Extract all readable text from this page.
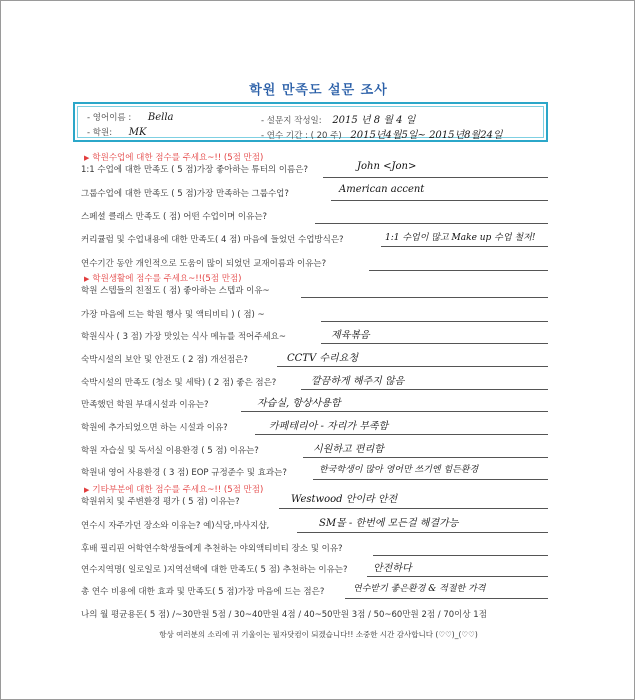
학원 만족도 설문 조사
- 영어이름 : Bella	- 설문지 작성일: 2015 년 8 월 4 일
- 학원: MK	- 연수 기간 : ( 20 주) 2015년4월5일~ 2015년8월24일
▶ 학원수업에 대한 점수를 주세요~!! (5점 만점)
1:1 수업에 대한 만족도 ( 5 점)가장 좋아하는 튜터의 이름은?	John <Jon>
그룹수업에 대한 만족도 ( 5 점)가장 만족하는 그룹수업?	American accent
스페셜 클래스 만족도 ( 점) 어떤 수업이며 이유는?
커리큘럼 및 수업내용에 대한 만족도( 4 점) 마음에 들었던 수업방식은?	1:1 수업이 많고 Make up 수업 철저!
연수기간 동안 개인적으로 도움이 많이 되었던 교재이름과 이유는?
▶ 학원생활에 점수를 주세요~!!(5점 만점)
학원 스텝들의 친절도 ( 점) 좋아하는 스텝과 이유~
가장 마음에 드는 학원 행사 및 액티비티 ) ( 점) ~
학원식사 ( 3 점) 가장 맛있는 식사 메뉴를 적어주세요~	제육볶음
숙박시설의 보안 및 안전도 ( 2 점) 개선점은?	CCTV 수리요청
숙박시설의 만족도 (청소 및 세탁) ( 2 점) 좋은 점은?	깔끔하게 해주지 않음
만족했던 학원 부대시설과 이유는?	자습실, 항상사용함
학원에 추가되었으면 하는 시설과 이유?	카페테리아 - 자리가 부족함
학원 자습실 및 독서실 이용환경 ( 5 점) 이유는?	시원하고 편리함
학원내 영어 사용환경 ( 3 점) EOP 규정준수 및 효과는?	한국학생이 많아 영어만 쓰기엔 힘든환경
▶ 기타부분에 대한 점수를 주세요~!! (5점 만점)
학원위치 및 주변환경 평가 ( 5 점) 이유는?	Westwood 안이라 안전
연수시 자주가던 장소와 이유는? 예)식당,마사지샵,	SM몰 - 한번에 모든걸 해결가능
후배 필리핀 어학연수학생들에게 추천하는 야외액티비티 장소 및 이유?
연수지역명( 일로일로 )지역선택에 대한 만족도( 5 점) 추천하는 이유는?	안전하다
총 연수 비용에 대한 효과 및 만족도( 5 점)가장 마음에 드는 점은?	연수받기 좋은환경 & 적절한 가격
나의 월 평균용돈( 5 점) /~30만원 5점 / 30~40만원 4점 / 40~50만원 3점 / 50~60만원 2점 / 70이상 1점
항상 여러분의 소리에 귀 기울이는 필자닷컴이 되겠습니다!! 소중한 시간 감사합니다 (♡♡)_(♡♡)
